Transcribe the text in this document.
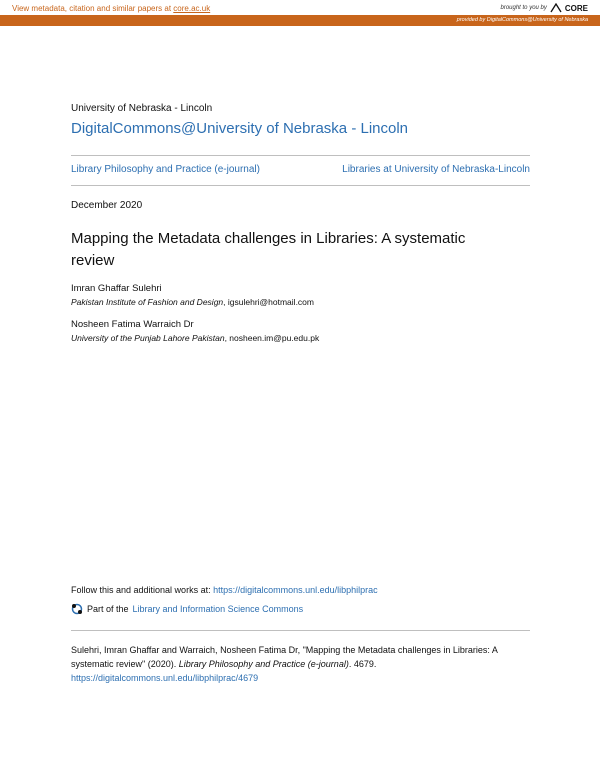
View metadata, citation and similar papers at core.ac.uk	brought to you by CORE
provided by DigitalCommons@University of Nebraska
University of Nebraska - Lincoln
DigitalCommons@University of Nebraska - Lincoln
Library Philosophy and Practice (e-journal)	Libraries at University of Nebraska-Lincoln
December 2020
Mapping the Metadata challenges in Libraries: A systematic review
Imran Ghaffar Sulehri
Pakistan Institute of Fashion and Design, igsulehri@hotmail.com
Nosheen Fatima Warraich Dr
University of the Punjab Lahore Pakistan, nosheen.im@pu.edu.pk
Follow this and additional works at: https://digitalcommons.unl.edu/libphilprac
Part of the Library and Information Science Commons
Sulehri, Imran Ghaffar and Warraich, Nosheen Fatima Dr, "Mapping the Metadata challenges in Libraries: A systematic review" (2020). Library Philosophy and Practice (e-journal). 4679.
https://digitalcommons.unl.edu/libphilprac/4679
